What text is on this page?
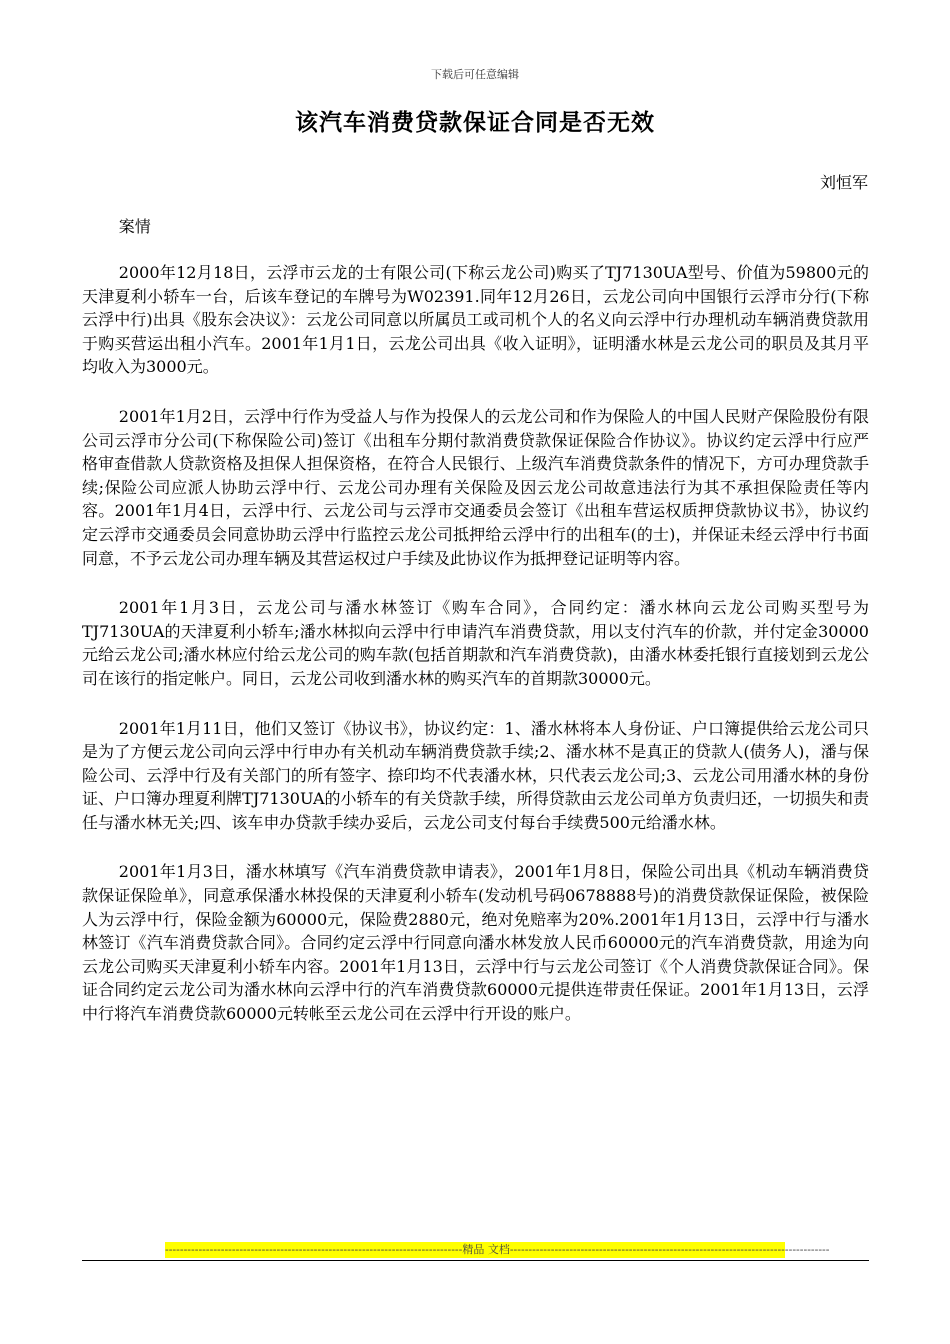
下载后可任意编辑
该汽车消费贷款保证合同是否无效
刘恒军

案情

2000年12月18日，云浮市云龙的士有限公司(下称云龙公司)购买了TJ7130UA型号、价值为59800元的天津夏利小轿车一台，后该车登记的车牌号为W02391.同年12月26日，云龙公司向中国银行云浮市分行(下称云浮中行)出具《股东会决议》：云龙公司同意以所属员工或司机个人的名义向云浮中行办理机动车辆消费贷款用于购买营运出租小汽车。2001年1月1日，云龙公司出具《收入证明》，证明潘水林是云龙公司的职员及其月平均收入为3000元。

2001年1月2日，云浮中行作为受益人与作为投保人的云龙公司和作为保险人的中国人民财产保险股份有限公司云浮市分公司(下称保险公司)签订《出租车分期付款消费贷款保证保险合作协议》。协议约定云浮中行应严格审查借款人贷款资格及担保人担保资格，在符合人民银行、上级汽车消费贷款条件的情况下，方可办理贷款手续;保险公司应派人协助云浮中行、云龙公司办理有关保险及因云龙公司故意违法行为其不承担保险责任等内容。2001年1月4日，云浮中行、云龙公司与云浮市交通委员会签订《出租车营运权质押贷款协议书》，协议约定云浮市交通委员会同意协助云浮中行监控云龙公司抵押给云浮中行的出租车(的士)，并保证未经云浮中行书面同意，不予云龙公司办理车辆及其营运权过户手续及此协议作为抵押登记证明等内容。

2001年1月3日，云龙公司与潘水林签订《购车合同》，合同约定：潘水林向云龙公司购买型号为TJ7130UA的天津夏利小轿车;潘水林拟向云浮中行申请汽车消费贷款，用以支付汽车的价款，并付定金30000元给云龙公司;潘水林应付给云龙公司的购车款(包括首期款和汽车消费贷款)，由潘水林委托银行直接划到云龙公司在该行的指定帐户。同日，云龙公司收到潘水林的购买汽车的首期款30000元。

2001年1月11日，他们又签订《协议书》，协议约定：1、潘水林将本人身份证、户口簿提供给云龙公司只是为了方便云龙公司向云浮中行申办有关机动车辆消费贷款手续;2、潘水林不是真正的贷款人(债务人)，潘与保险公司、云浮中行及有关部门的所有签字、捺印均不代表潘水林，只代表云龙公司;3、云龙公司用潘水林的身份证、户口簿办理夏利牌TJ7130UA的小轿车的有关贷款手续，所得贷款由云龙公司单方负责归还，一切损失和责任与潘水林无关;四、该车申办贷款手续办妥后，云龙公司支付每台手续费500元给潘水林。

2001年1月3日，潘水林填写《汽车消费贷款申请表》，2001年1月8日，保险公司出具《机动车辆消费贷款保证保险单》，同意承保潘水林投保的天津夏利小轿车(发动机号码0678888号)的消费贷款保证保险，被保险人为云浮中行，保险金额为60000元，保险费2880元，绝对免赔率为20%.2001年1月13日，云浮中行与潘水林签订《汽车消费贷款合同》。合同约定云浮中行同意向潘水林发放人民币60000元的汽车消费贷款，用途为向云龙公司购买天津夏利小轿车内容。2001年1月13日，云浮中行与云龙公司签订《个人消费贷款保证合同》。保证合同约定云龙公司为潘水林向云浮中行的汽车消费贷款60000元提供连带责任保证。2001年1月13日，云浮中行将汽车消费贷款60000元转帐至云龙公司在云浮中行开设的账户。

--------------------------------------------------------------------------------精品 文档--------------------------------------------------------------------------------------
